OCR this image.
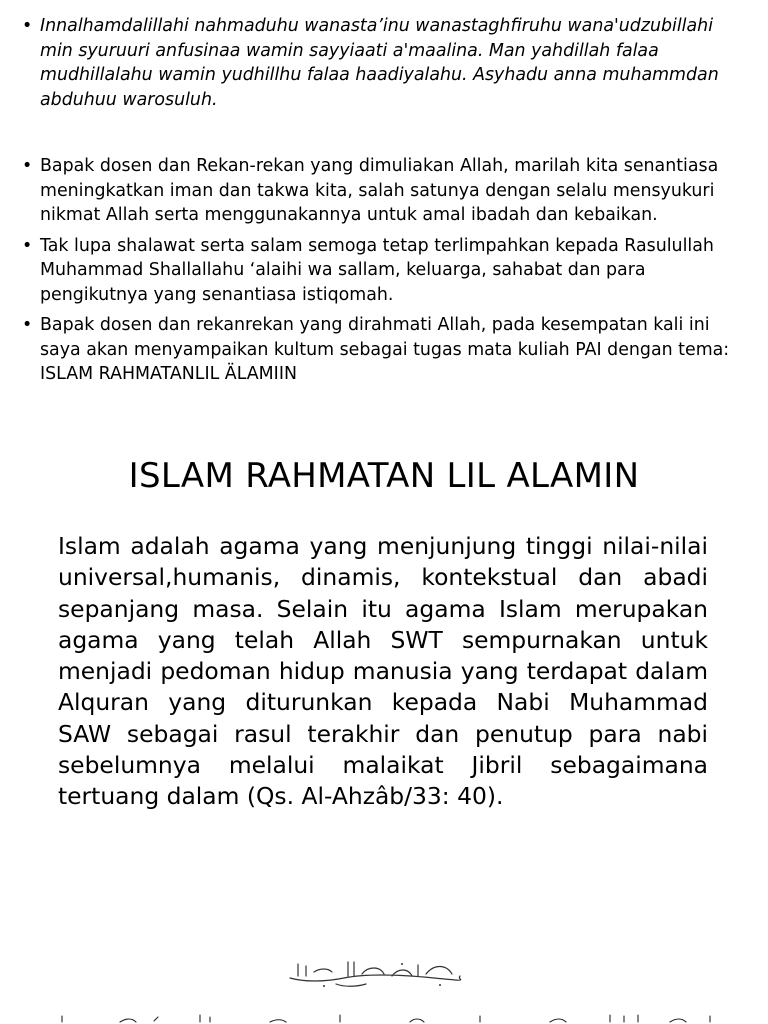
• Innalhamdalillahi nahmaduhu wanasta’inu wanastaghfiruhu wana'udzubillahi min syuruuri anfusinaa wamin sayyiaati a'maalina. Man yahdillah falaa mudhillalahu wamin yudhillhu falaa haadiyalahu. Asyhadu anna muhammdan abduhuu warosuluh.
• Bapak dosen dan Rekan-rekan yang dimuliakan Allah, marilah kita senantiasa meningkatkan iman dan takwa kita, salah satunya dengan selalu mensyukuri nikmat Allah serta menggunakannya untuk amal ibadah dan kebaikan.
• Tak lupa shalawat serta salam semoga tetap terlimpahkan kepada Rasulullah Muhammad Shallallahu ‘alaihi wa sallam, keluarga, sahabat dan para pengikutnya yang senantiasa istiqomah.
• Bapak dosen dan rekanrekan yang dirahmati Allah, pada kesempatan kali ini saya akan menyampaikan kultum sebagai tugas mata kuliah PAI dengan tema: ISLAM RAHMATANLIL ÄLAMIIN
ISLAM RAHMATAN LIL ALAMIN
Islam adalah agama yang menjunjung tinggi nilai-nilai universal,humanis, dinamis, kontekstual dan abadi sepanjang masa. Selain itu agama Islam merupakan agama yang telah Allah SWT sempurnakan untuk menjadi pedoman hidup manusia yang terdapat dalam Alquran yang diturunkan kepada Nabi Muhammad SAW sebagai rasul terakhir dan penutup para nabi sebelumnya melalui malaikat Jibril sebagaimana tertuang dalam (Qs. Al-Ahzâb/33: 40).
